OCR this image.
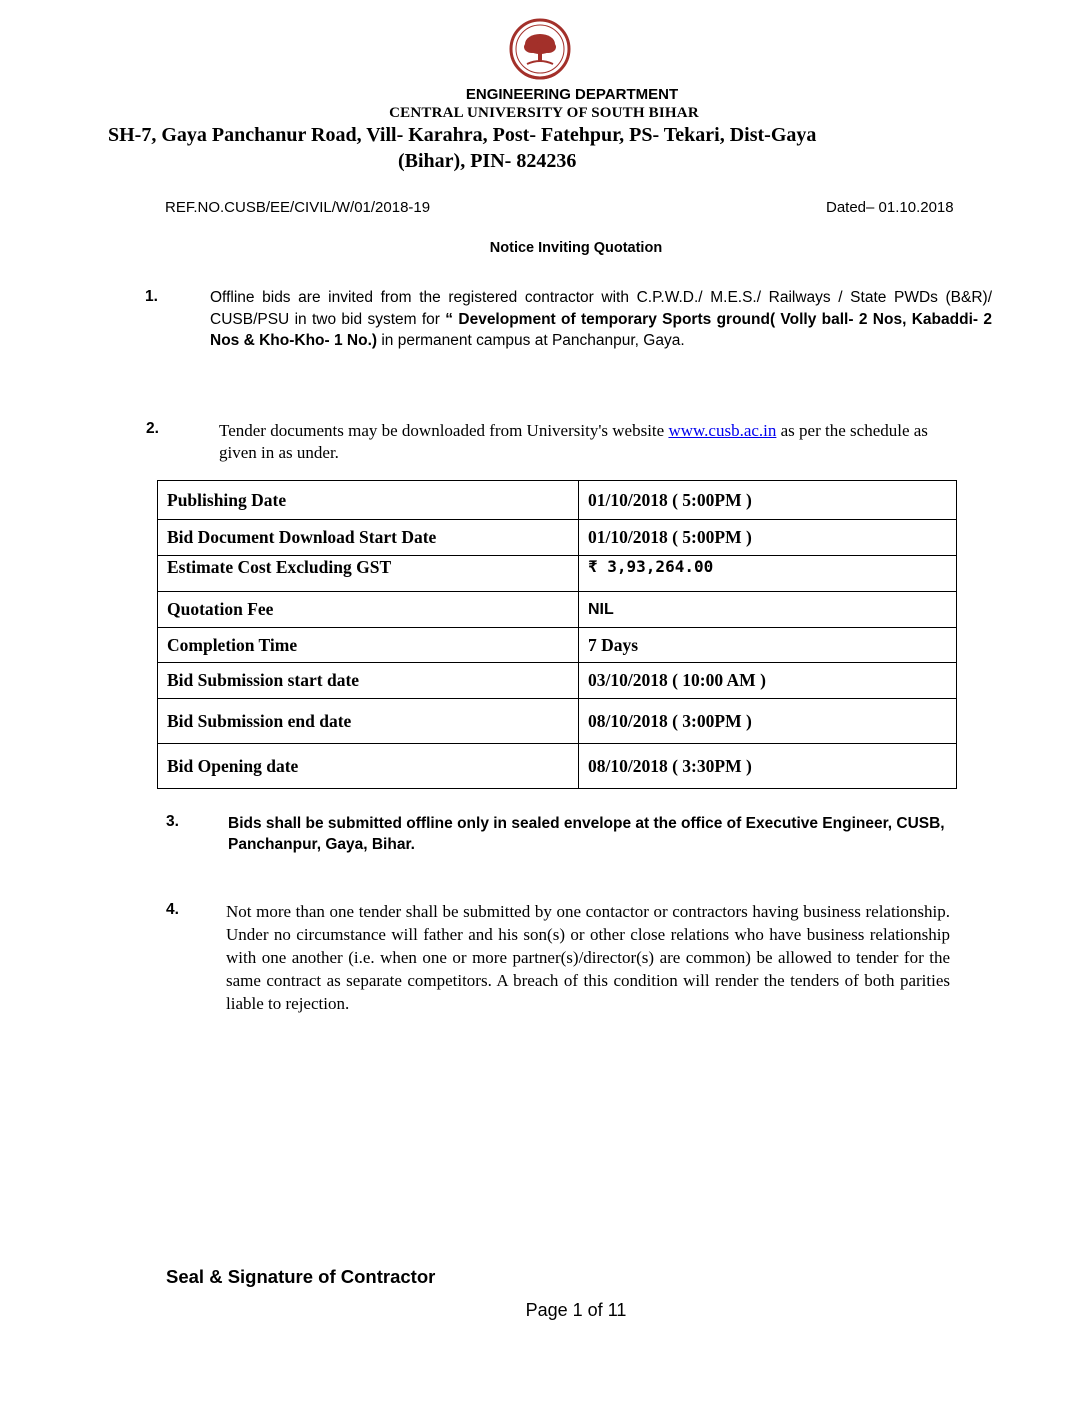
ENGINEERING DEPARTMENT
CENTRAL UNIVERSITY OF SOUTH BIHAR
SH-7, Gaya Panchanur Road, Vill- Karahra, Post- Fatehpur, PS- Tekari, Dist-Gaya
(Bihar), PIN- 824236
REF.NO.CUSB/EE/CIVIL/W/01/2018-19	Dated– 01.10.2018
Notice Inviting Quotation
1.	Offline bids are invited from the registered contractor with C.P.W.D./ M.E.S./ Railways / State PWDs (B&R)/ CUSB/PSU in two bid system for “ Development of temporary Sports ground( Volly ball- 2 Nos, Kabaddi- 2 Nos & Kho-Kho- 1 No.) in permanent campus at Panchanpur, Gaya.
2.	Tender documents may be downloaded from University's website www.cusb.ac.in as per the schedule as given in as under.
Publishing Date	01/10/2018 ( 5:00PM )
Bid Document Download Start Date	01/10/2018 ( 5:00PM )
Estimate Cost Excluding GST	₹ 3,93,264.00
Quotation Fee	NIL
Completion Time	7 Days
Bid Submission start date	03/10/2018 ( 10:00 AM )
Bid Submission end date	08/10/2018 ( 3:00PM )
Bid Opening date	08/10/2018 ( 3:30PM )
3.	Bids shall be submitted offline only in sealed envelope at the office of Executive Engineer, CUSB, Panchanpur, Gaya, Bihar.
4.	Not more than one tender shall be submitted by one contactor or contractors having business relationship. Under no circumstance will father and his son(s) or other close relations who have business relationship with one another (i.e. when one or more partner(s)/director(s) are common) be allowed to tender for the same contract as separate competitors. A breach of this condition will render the tenders of both parities liable to rejection.
Seal & Signature of Contractor
Page 1 of 11
